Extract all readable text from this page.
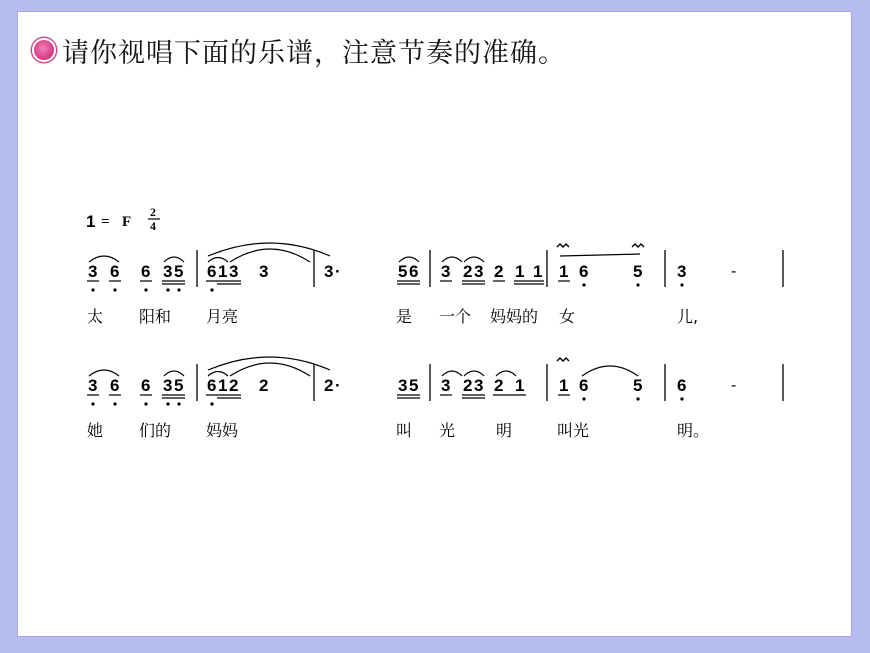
请你视唱下面的乐谱，注意节奏的准确。
1 = F
2
4
3 6 6 3 5 6 1 3 3	3 ·	5 6 3 2 3 2 1 1 1 6	5 3	-
太 阳和 月亮	是 一个 妈妈的 女	儿,
3 6 6 3 5 6 1 2 2	2 ·	3 5 3 2 3 2 1 1 6	5 6	-
她 们的 妈妈	叫 光	明	叫光	明。
